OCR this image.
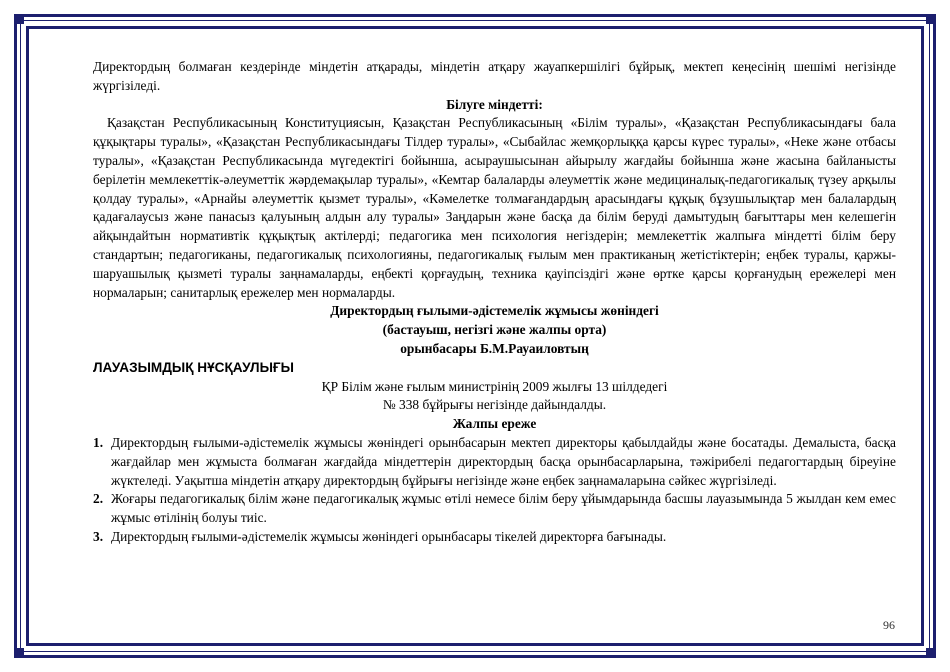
Директордың болмаған кездерінде міндетін атқарады, міндетін атқару жауапкершілігі бұйрық, мектеп кеңесінің шешімі негізінде жүргізіледі.

Білуге міндетті:

Қазақстан Республикасының Конституциясын, Қазақстан Республикасының «Білім туралы», «Қазақстан Республикасындағы бала құқықтары туралы», «Қазақстан Республикасындағы Тілдер туралы», «Сыбайлас жемқорлыққа қарсы күрес туралы», «Неке және отбасы туралы», «Қазақстан Республикасында мүгедектігі бойынша, асыраушысынан айырылу жағдайы бойынша және жасына байланысты берілетін мемлекеттік-әлеуметтік жәрдемақылар туралы», «Кемтар балаларды әлеуметтік және медициналық-педагогикалық түзеу арқылы қолдау туралы», «Арнайы әлеуметтік қызмет туралы», «Кәмелетке толмағандардың арасындағы құқық бұзушылықтар мен балалардың қадағалаусыз және панасыз қалуының алдын алу туралы» Заңдарын және басқа да білім беруді дамытудың бағыттары мен келешегін айқындайтын нормативтік құқықтық актілерді; педагогика мен психология негіздерін; мемлекеттік жалпыға міндетті білім беру стандартын; педагогиканы, педагогикалық психологияны, педагогикалық ғылым мен практиканың жетістіктерін; еңбек туралы, қаржы-шаруашылық қызметі туралы заңнамаларды, еңбекті қорғаудың, техника қауіпсіздігі және өртке қарсы қорғанудың ережелері мен нормаларын; санитарлық ережелер мен нормаларды.

Директордың ғылыми-әдістемелік жұмысы жөніндегі

(бастауыш, негізгі және жалпы орта)

орынбасары Б.М.Рауаиловтың

ЛАУАЗЫМДЫҚ НҰСҚАУЛЫҒЫ

ҚР Білім және ғылым министрінің 2009 жылғы 13 шілдедегі

№ 338 бұйрығы негізінде дайындалды.

Жалпы ереже

1. Директордың ғылыми-әдістемелік жұмысы жөніндегі орынбасарын мектеп директоры қабылдайды және босатады. Демалыста, басқа жағдайлар мен жұмыста болмаған жағдайда міндеттерін директордың басқа орынбасарларына, тәжірибелі педагогтардың біреуіне жүктеледі. Уақытша міндетін атқару директордың бұйрығы негізінде және еңбек заңнамаларына сәйкес жүргізіледі.
2. Жоғары педагогикалық білім және педагогикалық жұмыс өтілі немесе білім беру ұйымдарында басшы лауазымында 5 жылдан кем емес жұмыс өтілінің болуы тиіс.
3. Директордың ғылыми-әдістемелік жұмысы жөніндегі орынбасары тікелей директорға бағынады.
96
